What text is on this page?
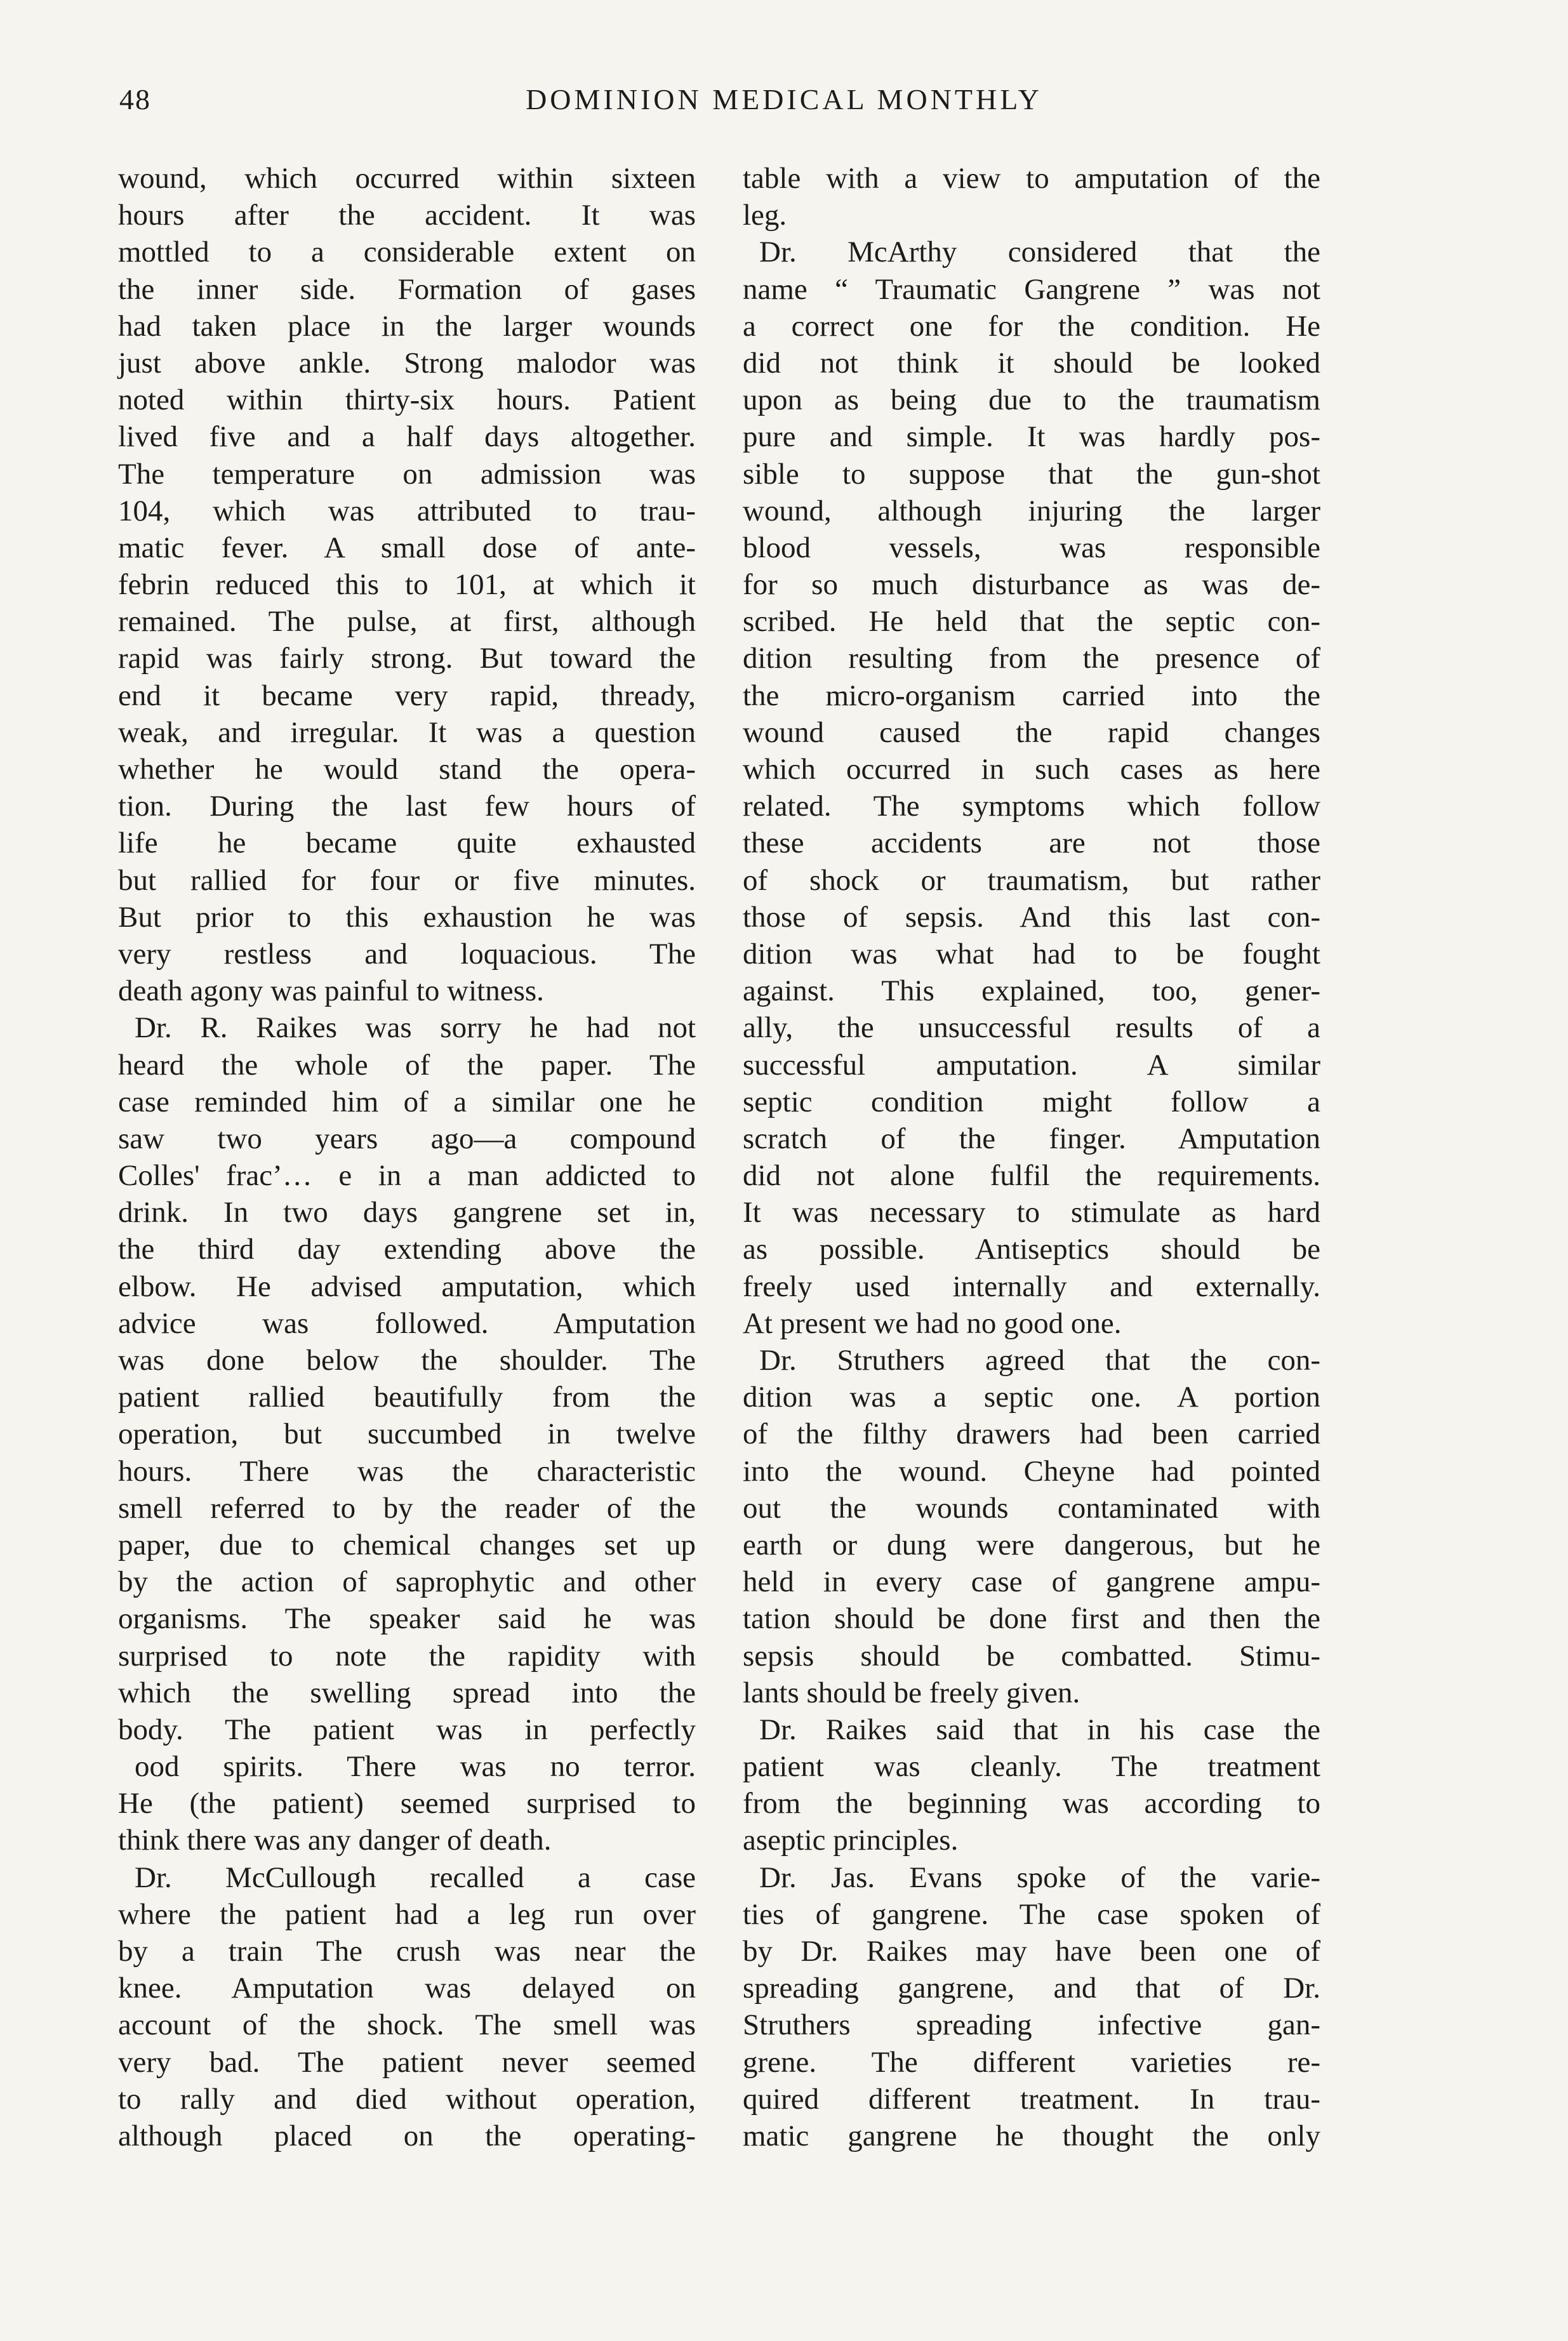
48	DOMINION MEDICAL MONTHLY
wound, which occurred within sixteen
hours after the accident. It was
mottled to a considerable extent on
the inner side. Formation of gases
had taken place in the larger wounds
just above ankle. Strong malodor was
noted within thirty-six hours. Patient
lived five and a half days altogether.
The temperature on admission was
104, which was attributed to trau-
matic fever. A small dose of ante-
febrin reduced this to 101, at which it
remained. The pulse, at first, although
rapid was fairly strong. But toward the
end it became very rapid, thready,
weak, and irregular. It was a question
whether he would stand the opera-
tion. During the last few hours of
life he became quite exhausted
but rallied for four or five minutes.
But prior to this exhaustion he was
very restless and loquacious. The
death agony was painful to witness.
Dr. R. Raikes was sorry he had not
heard the whole of the paper. The
case reminded him of a similar one he
saw two years ago—a compound
Colles' frac’… e in a man addicted to
drink. In two days gangrene set in,
the third day extending above the
elbow. He advised amputation, which
advice was followed. Amputation
was done below the shoulder. The
patient rallied beautifully from the
operation, but succumbed in twelve
hours. There was the characteristic
smell referred to by the reader of the
paper, due to chemical changes set up
by the action of saprophytic and other
organisms. The speaker said he was
surprised to note the rapidity with
which the swelling spread into the
body. The patient was in perfectly
ood spirits. There was no terror.
He (the patient) seemed surprised to
think there was any danger of death.
Dr. McCullough recalled a case
where the patient had a leg run over
by a train The crush was near the
knee. Amputation was delayed on
account of the shock. The smell was
very bad. The patient never seemed
to rally and died without operation,
although placed on the operating-
table with a view to amputation of the
leg.
Dr. McArthy considered that the
name “ Traumatic Gangrene ” was not
a correct one for the condition. He
did not think it should be looked
upon as being due to the traumatism
pure and simple. It was hardly pos-
sible to suppose that the gun-shot
wound, although injuring the larger
blood vessels, was responsible
for so much disturbance as was de-
scribed. He held that the septic con-
dition resulting from the presence of
the micro-organism carried into the
wound caused the rapid changes
which occurred in such cases as here
related. The symptoms which follow
these accidents are not those
of shock or traumatism, but rather
those of sepsis. And this last con-
dition was what had to be fought
against. This explained, too, gener-
ally, the unsuccessful results of a
successful amputation. A similar
septic condition might follow a
scratch of the finger. Amputation
did not alone fulfil the requirements.
It was necessary to stimulate as hard
as possible. Antiseptics should be
freely used internally and externally.
At present we had no good one.
Dr. Struthers agreed that the con-
dition was a septic one. A portion
of the filthy drawers had been carried
into the wound. Cheyne had pointed
out the wounds contaminated with
earth or dung were dangerous, but he
held in every case of gangrene ampu-
tation should be done first and then the
sepsis should be combatted. Stimu-
lants should be freely given.
Dr. Raikes said that in his case the
patient was cleanly. The treatment
from the beginning was according to
aseptic principles.
Dr. Jas. Evans spoke of the varie-
ties of gangrene. The case spoken of
by Dr. Raikes may have been one of
spreading gangrene, and that of Dr.
Struthers spreading infective gan-
grene. The different varieties re-
quired different treatment. In trau-
matic gangrene he thought the only
